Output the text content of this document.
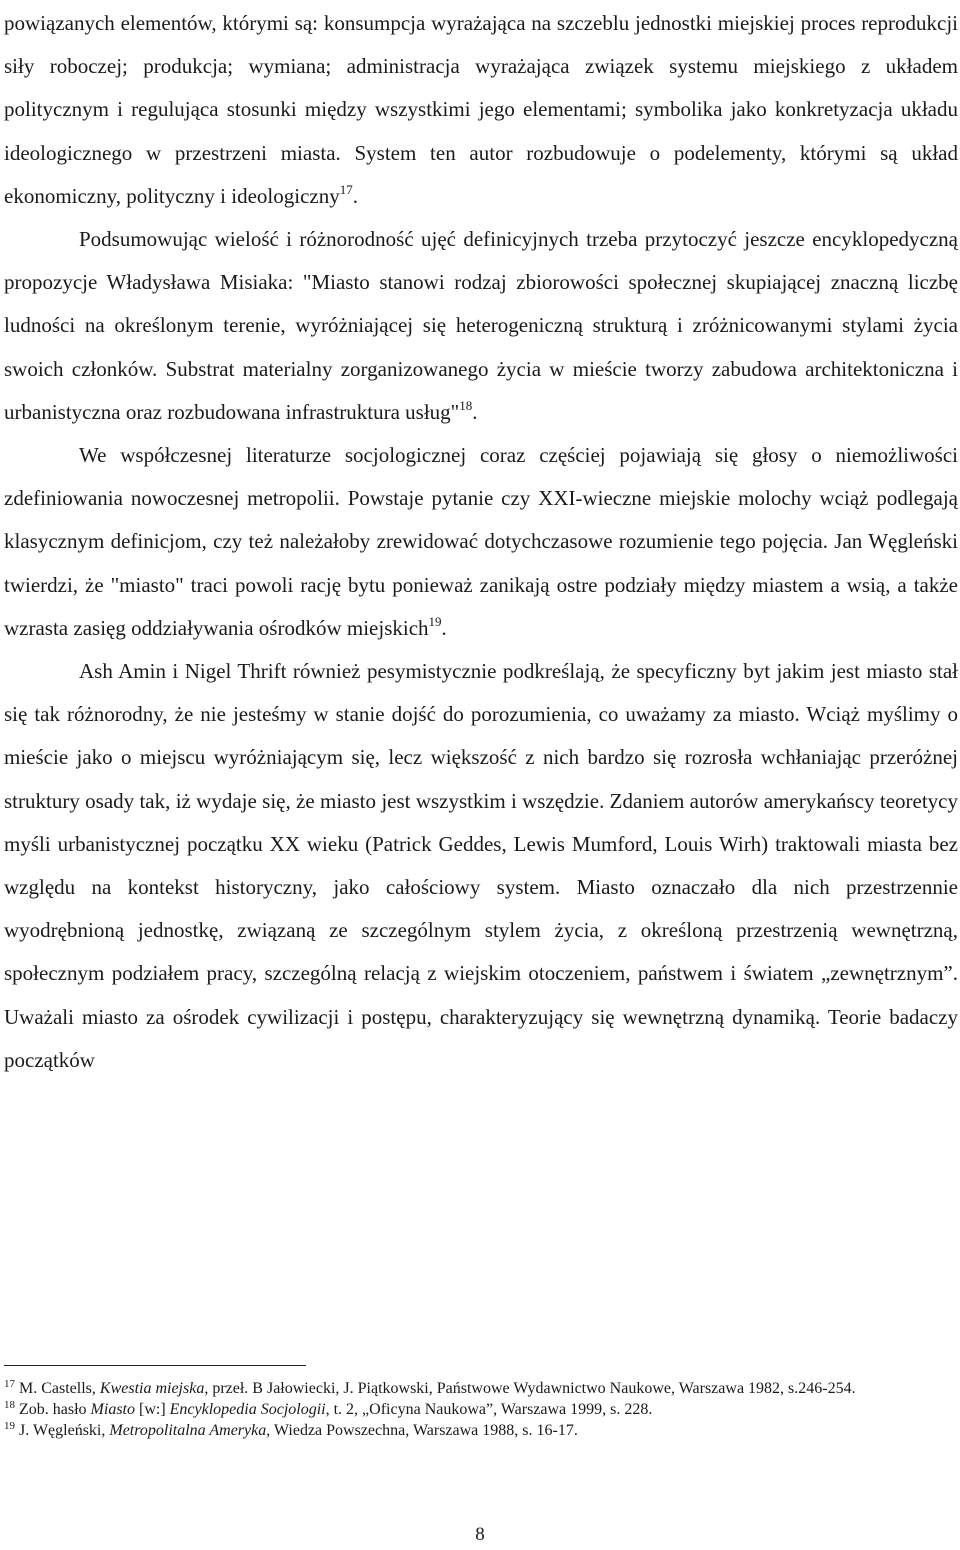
powiązanych elementów, którymi są: konsumpcja wyrażająca na szczeblu jednostki miejskiej proces reprodukcji siły roboczej; produkcja; wymiana; administracja wyrażająca związek systemu miejskiego z układem politycznym i regulująca stosunki między wszystkimi jego elementami; symbolika jako konkretyzacja układu ideologicznego w przestrzeni miasta. System ten autor rozbudowuje o podelementy, którymi są układ ekonomiczny, polityczny i ideologiczny$^{17}$.

Podsumowując wielość i różnorodność ujęć definicyjnych trzeba przytoczyć jeszcze encyklopedyczną propozycje Władysława Misiaka: "Miasto stanowi rodzaj zbiorowości społecznej skupiającej znaczną liczbę ludności na określonym terenie, wyróżniającej się heterogeniczną strukturą i zróżnicowanymi stylami życia swoich członków. Substrat materialny zorganizowanego życia w mieście tworzy zabudowa architektoniczna i urbanistyczna oraz rozbudowana infrastruktura usług"$^{18}$.

We współczesnej literaturze socjologicznej coraz częściej pojawiają się głosy o niemożliwości zdefiniowania nowoczesnej metropolii. Powstaje pytanie czy XXI-wieczne miejskie molochy wciąż podlegają klasycznym definicjom, czy też należałoby zrewidować dotychczasowe rozumienie tego pojęcia. Jan Węgleński twierdzi, że "miasto" traci powoli rację bytu ponieważ zanikają ostre podziały między miastem a wsią, a także wzrasta zasięg oddziaływania ośrodków miejskich$^{19}$.

Ash Amin i Nigel Thrift również pesymistycznie podkreślają, że specyficzny byt jakim jest miasto stał się tak różnorodny, że nie jesteśmy w stanie dojść do porozumienia, co uważamy za miasto. Wciąż myślimy o mieście jako o miejscu wyróżniającym się, lecz większość z nich bardzo się rozrosła wchłaniając przeróżnej struktury osady tak, iż wydaje się, że miasto jest wszystkim i wszędzie. Zdaniem autorów amerykańscy teoretycy myśli urbanistycznej początku XX wieku (Patrick Geddes, Lewis Mumford, Louis Wirh) traktowali miasta bez względu na kontekst historyczny, jako całościowy system. Miasto oznaczało dla nich przestrzennie wyodrębnioną jednostkę, związaną ze szczególnym stylem życia, z określoną przestrzenią wewnętrzną, społecznym podziałem pracy, szczególną relacją z wiejskim otoczeniem, państwem i światem „zewnętrznym”. Uważali miasto za ośrodek cywilizacji i postępu, charakteryzujący się wewnętrzną dynamiką. Teorie badaczy początków

$^{17}$ M. Castells, Kwestia miejska, przeł. B Jałowiecki, J. Piątkowski, Państwowe Wydawnictwo Naukowe, Warszawa 1982, s.246-254.

$^{18}$ Zob. hasło Miasto [w:] Encyklopedia Socjologii, t. 2, „Oficyna Naukowa”, Warszawa 1999, s. 228.

$^{19}$ J. Węgleński, Metropolitalna Ameryka, Wiedza Powszechna, Warszawa 1988, s. 16-17.

8
